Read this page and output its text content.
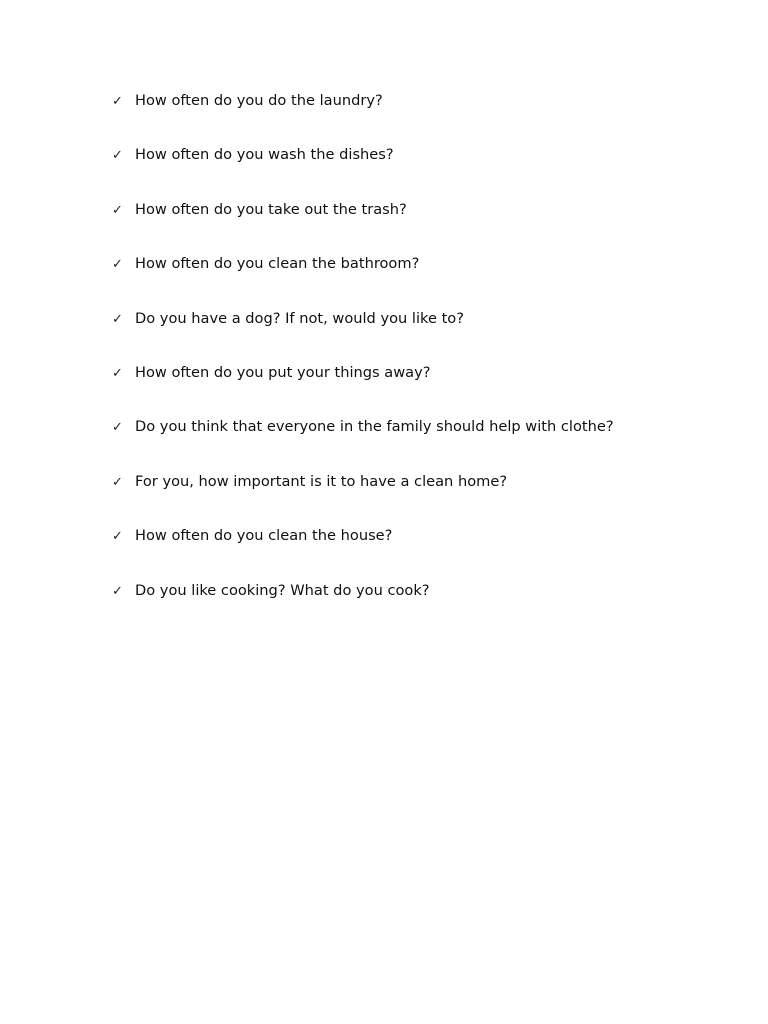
✓ How often do you do the laundry?
✓ How often do you wash the dishes?
✓ How often do you take out the trash?
✓ How often do you clean the bathroom?
✓ Do you have a dog? If not, would you like to?
✓ How often do you put your things away?
✓ Do you think that everyone in the family should help with clothe?
✓ For you, how important is it to have a clean home?
✓ How often do you clean the house?
✓ Do you like cooking? What do you cook?
